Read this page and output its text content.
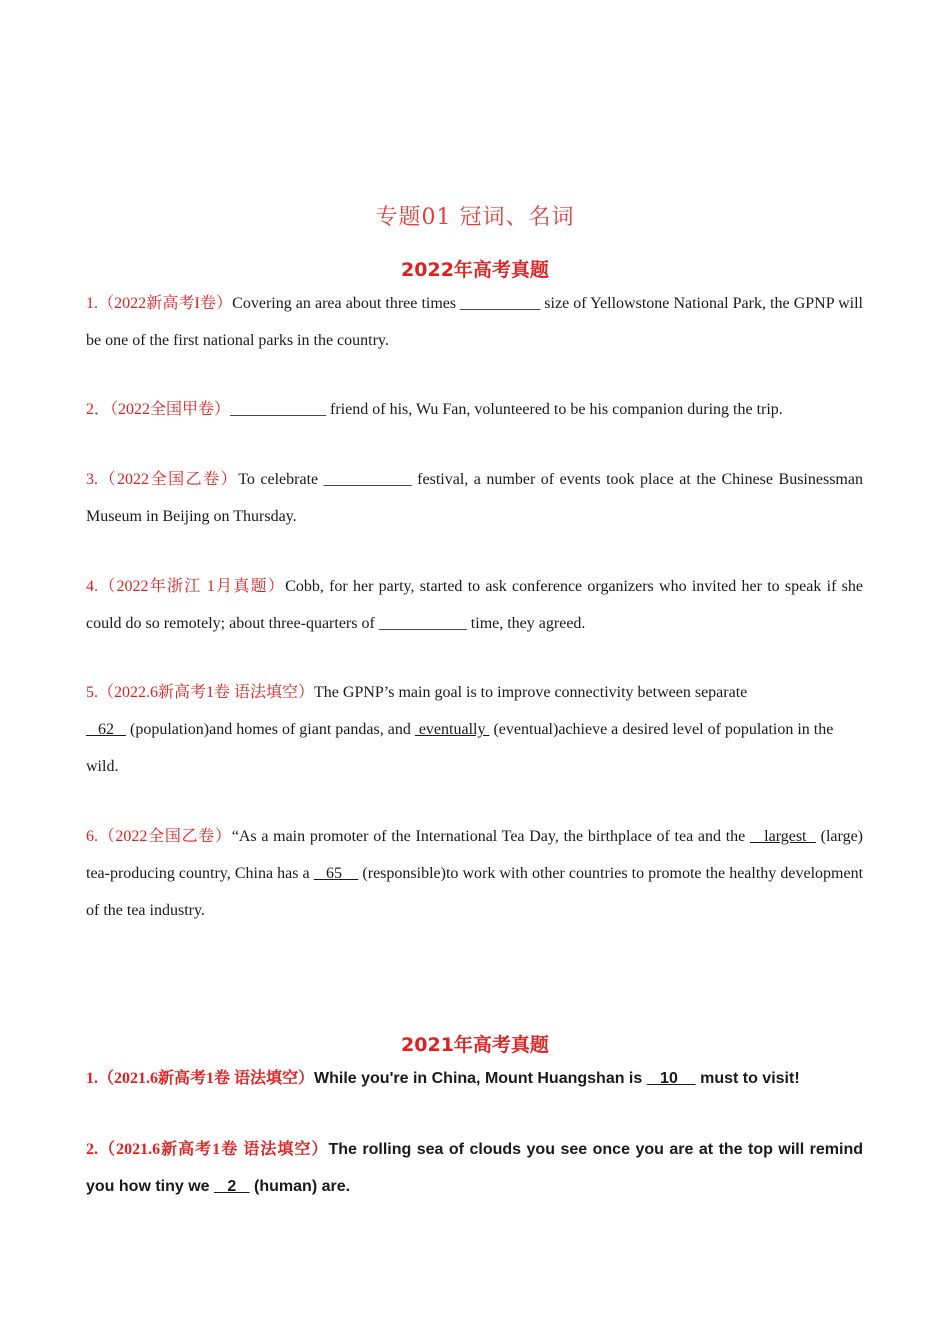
专题01 冠词、名词
2022年高考真题
1.（2022新高考I卷）Covering an area about three times __________ size of Yellowstone National Park, the GPNP will be one of the first national parks in the country.
2．（2022全国甲卷）____________ friend of his, Wu Fan, volunteered to be his companion during the trip.
3.（2022全国乙卷）To celebrate ___________ festival, a number of events took place at the Chinese Businessman Museum in Beijing on Thursday.
4.（2022年浙江 1月真题）Cobb, for her party, started to ask conference organizers who invited her to speak if she could do so remotely; about three-quarters of ___________ time, they agreed.
5.（2022.6新高考1卷 语法填空）The GPNP’s main goal is to improve connectivity between separate
62    (population)and homes of giant pandas, and  eventually  (eventual)achieve a desired level of population in the wild.
6.（2022全国乙卷）“As a main promoter of the International Tea Day, the birthplace of tea and the    largest   (large) tea-producing country, China has a    65     (responsible)to work with other countries to promote the healthy development of the tea industry.
2021年高考真题
1.（2021.6新高考1卷 语法填空）While you're in China, Mount Huangshan is    10     must to visit!
2.（2021.6新高考1卷 语法填空）The rolling sea of clouds you see once you are at the top will remind you how tiny we    2    (human) are.
